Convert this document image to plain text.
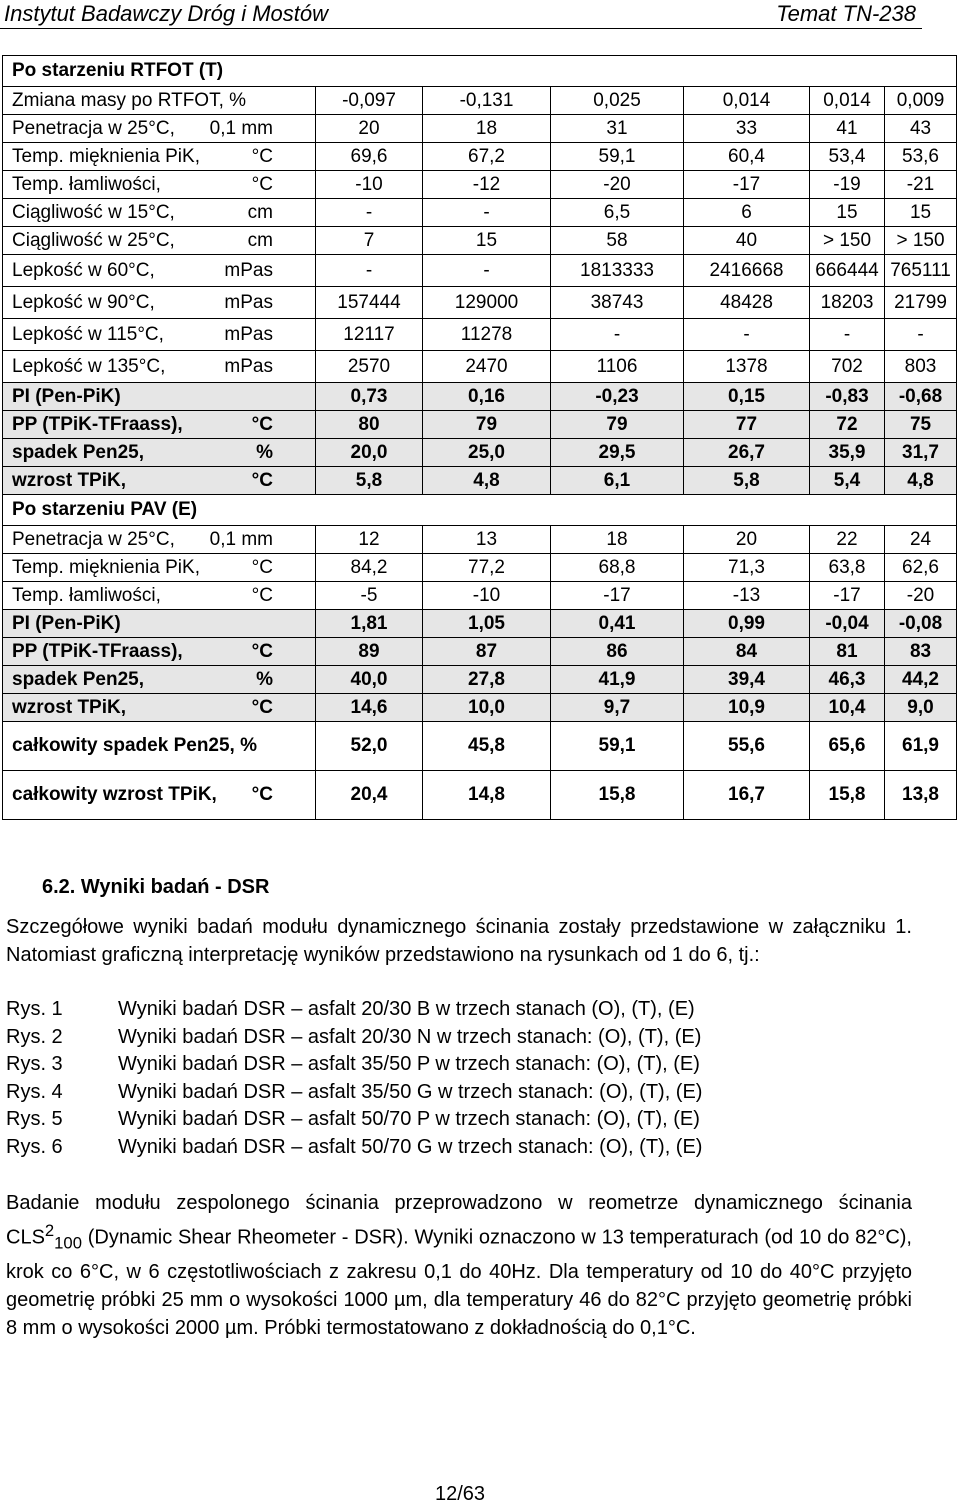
Instytut Badawczy Dróg i Mostów	Temat TN-238
Po starzeniu RTFOT (T)						

Zmiana masy po RTFOT, %	-0,097	-0,131	0,025	0,014	0,014	0,009

Penetracja w 25°C, 0,1 mm	20	18	31	33	41	43

Temp. mięknienia PiK, °C	69,6	67,2	59,1	60,4	53,4	53,6

Temp. łamliwości, °C	-10	-12	-20	-17	-19	-21

Ciągliwość w 15°C, cm	-	-	6,5	6	15	15

Ciągliwość w 25°C, cm	7	15	58	40	> 150	> 150

Lepkość w 60°C, mPas	-	-	1813333	2416668	666444	765111

Lepkość w 90°C, mPas	157444	129000	38743	48428	18203	21799

Lepkość w 115°C, mPas	12117	11278	-	-	-	-

Lepkość w 135°C, mPas	2570	2470	1106	1378	702	803

PI (Pen-PiK)	0,73	0,16	-0,23	0,15	-0,83	-0,68

PP (TPiK-TFraass), °C	80	79	79	77	72	75

spadek Pen25, %	20,0	25,0	29,5	26,7	35,9	31,7

wzrost TPiK, °C	5,8	4,8	6,1	5,8	5,4	4,8

Po starzeniu PAV (E)						

Penetracja w 25°C, 0,1 mm	12	13	18	20	22	24

Temp. mięknienia PiK, °C	84,2	77,2	68,8	71,3	63,8	62,6

Temp. łamliwości, °C	-5	-10	-17	-13	-17	-20

PI (Pen-PiK)	1,81	1,05	0,41	0,99	-0,04	-0,08

PP (TPiK-TFraass), °C	89	87	86	84	81	83

spadek Pen25, %	40,0	27,8	41,9	39,4	46,3	44,2

wzrost TPiK, °C	14,6	10,0	9,7	10,9	10,4	9,0

całkowity spadek Pen25, %	52,0	45,8	59,1	55,6	65,6	61,9

całkowity wzrost TPiK, °C	20,4	14,8	15,8	16,7	15,8	13,8
6.2. Wyniki badań - DSR
Szczegółowe wyniki badań modułu dynamicznego ścinania zostały przedstawione w załączniku 1. Natomiast graficzną interpretację wyników przedstawiono na rysunkach od 1 do 6, tj.:
Rys. 1	Wyniki badań DSR – asfalt 20/30 B w trzech stanach (O), (T), (E)
Rys. 2	Wyniki badań DSR – asfalt 20/30 N w trzech stanach: (O), (T), (E)
Rys. 3	Wyniki badań DSR – asfalt 35/50 P w trzech stanach: (O), (T), (E)
Rys. 4	Wyniki badań DSR – asfalt 35/50 G w trzech stanach: (O), (T), (E)
Rys. 5	Wyniki badań DSR – asfalt 50/70 P w trzech stanach: (O), (T), (E)
Rys. 6	Wyniki badań DSR – asfalt 50/70 G w trzech stanach: (O), (T), (E)
Badanie modułu zespolonego ścinania przeprowadzono w reometrze dynamicznego ścinania $CLS^2_{100}$ (Dynamic Shear Rheometer - DSR). Wyniki oznaczono w 13 temperaturach (od 10 do 82°C), krok co 6°C, w 6 częstotliwościach z zakresu 0,1 do 40Hz. Dla temperatury od 10 do 40°C przyjęto geometrię próbki 25 mm o wysokości 1000 µm, dla temperatury 46 do 82°C przyjęto geometrię próbki 8 mm o wysokości 2000 µm. Próbki termostatowano z dokładnością do 0,1°C.
12/63
